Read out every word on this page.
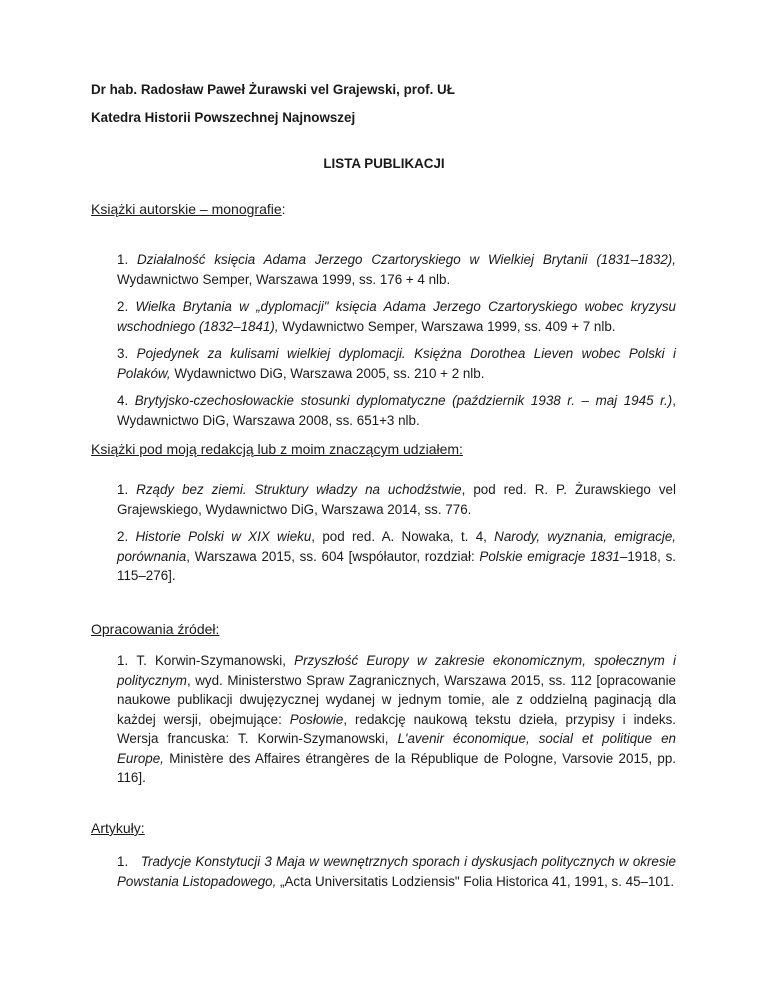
Dr hab. Radosław Paweł Żurawski vel Grajewski, prof. UŁ
Katedra Historii Powszechnej Najnowszej
LISTA PUBLIKACJI
Książki autorskie – monografie:
1. Działalność księcia Adama Jerzego Czartoryskiego w Wielkiej Brytanii (1831–1832), Wydawnictwo Semper, Warszawa 1999, ss. 176 + 4 nlb.
2. Wielka Brytania w „dyplomacji" księcia Adama Jerzego Czartoryskiego wobec kryzysu wschodniego (1832–1841), Wydawnictwo Semper, Warszawa 1999, ss. 409 + 7 nlb.
3. Pojedynek za kulisami wielkiej dyplomacji. Księżna Dorothea Lieven wobec Polski i Polaków, Wydawnictwo DiG, Warszawa 2005, ss. 210 + 2 nlb.
4. Brytyjsko-czechosłowackie stosunki dyplomatyczne (październik 1938 r. – maj 1945 r.), Wydawnictwo DiG, Warszawa 2008, ss. 651+3 nlb.
Książki pod moją redakcją lub z moim znaczącym udziałem:
1. Rządy bez ziemi. Struktury władzy na uchodźstwie, pod red. R. P. Żurawskiego vel Grajewskiego, Wydawnictwo DiG, Warszawa 2014, ss. 776.
2. Historie Polski w XIX wieku, pod red. A. Nowaka, t. 4, Narody, wyznania, emigracje, porównania, Warszawa 2015, ss. 604 [współautor, rozdział: Polskie emigracje 1831–1918, s. 115–276].
Opracowania źródeł:
1. T. Korwin-Szymanowski, Przyszłość Europy w zakresie ekonomicznym, społecznym i politycznym, wyd. Ministerstwo Spraw Zagranicznych, Warszawa 2015, ss. 112 [opracowanie naukowe publikacji dwujęzycznej wydanej w jednym tomie, ale z oddzielną paginacją dla każdej wersji, obejmujące: Posłowie, redakcję naukową tekstu dzieła, przypisy i indeks. Wersja francuska: T. Korwin-Szymanowski, L'avenir économique, social et politique en Europe, Ministère des Affaires étrangères de la République de Pologne, Varsovie 2015, pp. 116].
Artykuły:
1. Tradycje Konstytucji 3 Maja w wewnętrznych sporach i dyskusjach politycznych w okresie Powstania Listopadowego, „Acta Universitatis Lodziensis" Folia Historica 41, 1991, s. 45–101.
